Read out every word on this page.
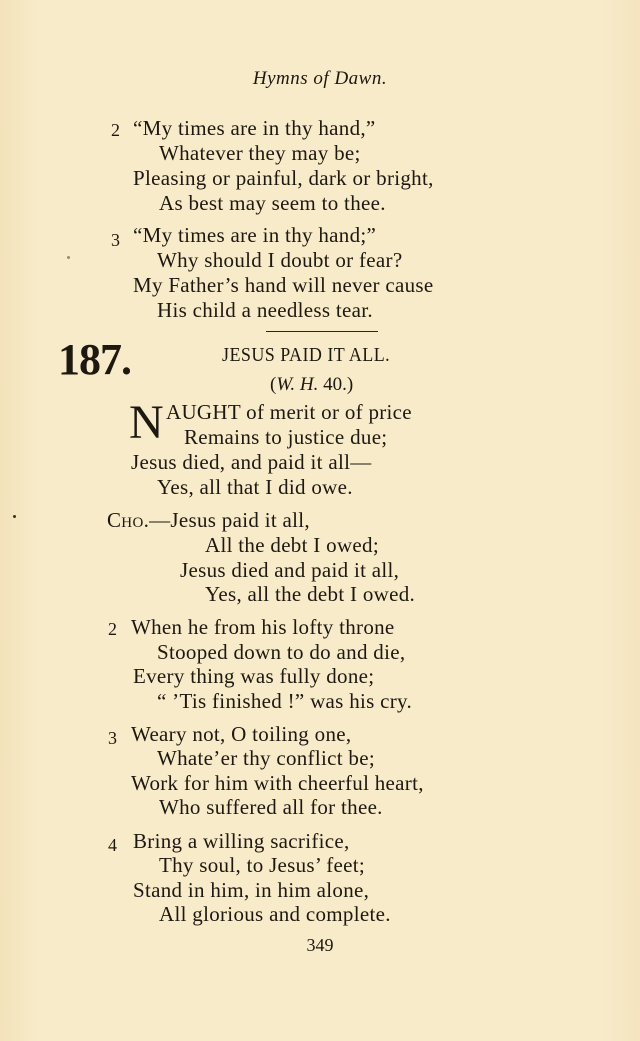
Hymns of Dawn.
2 “My times are in thy hand,”
Whatever they may be;
Pleasing or painful, dark or bright,
As best may seem to thee.
3 “My times are in thy hand;”
Why should I doubt or fear?
My Father’s hand will never cause
His child a needless tear.
187.	JESUS PAID IT ALL.
(W. H. 40.)
N AUGHT of merit or of price
Remains to justice due;
Jesus died, and paid it all—
Yes, all that I did owe.
Cho.—Jesus paid it all,
All the debt I owed;
Jesus died and paid it all,
Yes, all the debt I owed.
2 When he from his lofty throne
Stooped down to do and die,
Every thing was fully done;
“ ’Tis finished !” was his cry.
3 Weary not, O toiling one,
Whate’er thy conflict be;
Work for him with cheerful heart,
Who suffered all for thee.
4 Bring a willing sacrifice,
Thy soul, to Jesus’ feet;
Stand in him, in him alone,
All glorious and complete.
349
